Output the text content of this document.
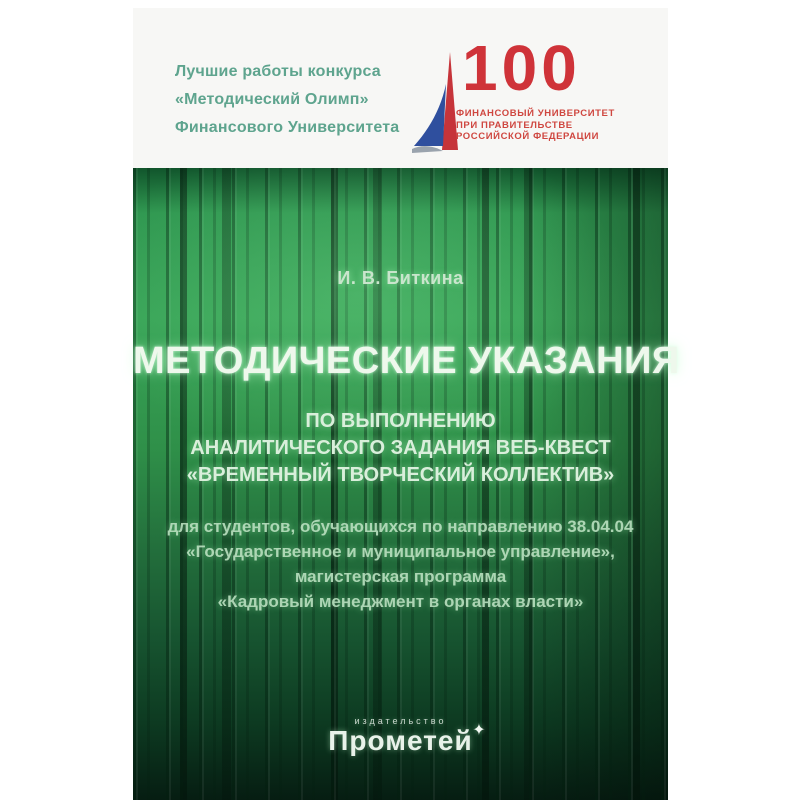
Лучшие работы конкурса
«Методический Олимп»
Финансового Университета
100
ФИНАНСОВЫЙ УНИВЕРСИТЕТ
ПРИ ПРАВИТЕЛЬСТВЕ
РОССИЙСКОЙ ФЕДЕРАЦИИ
И. В. Биткина
МЕТОДИЧЕСКИЕ УКАЗАНИЯ
ПО ВЫПОЛНЕНИЮ
АНАЛИТИЧЕСКОГО ЗАДАНИЯ ВЕБ-КВЕСТ
«ВРЕМЕННЫЙ ТВОРЧЕСКИЙ КОЛЛЕКТИВ»
для студентов, обучающихся по направлению 38.04.04
«Государственное и муниципальное управление»,
магистерская программа
«Кадровый менеджмент в органах власти»
издательство
Прометей ✦
